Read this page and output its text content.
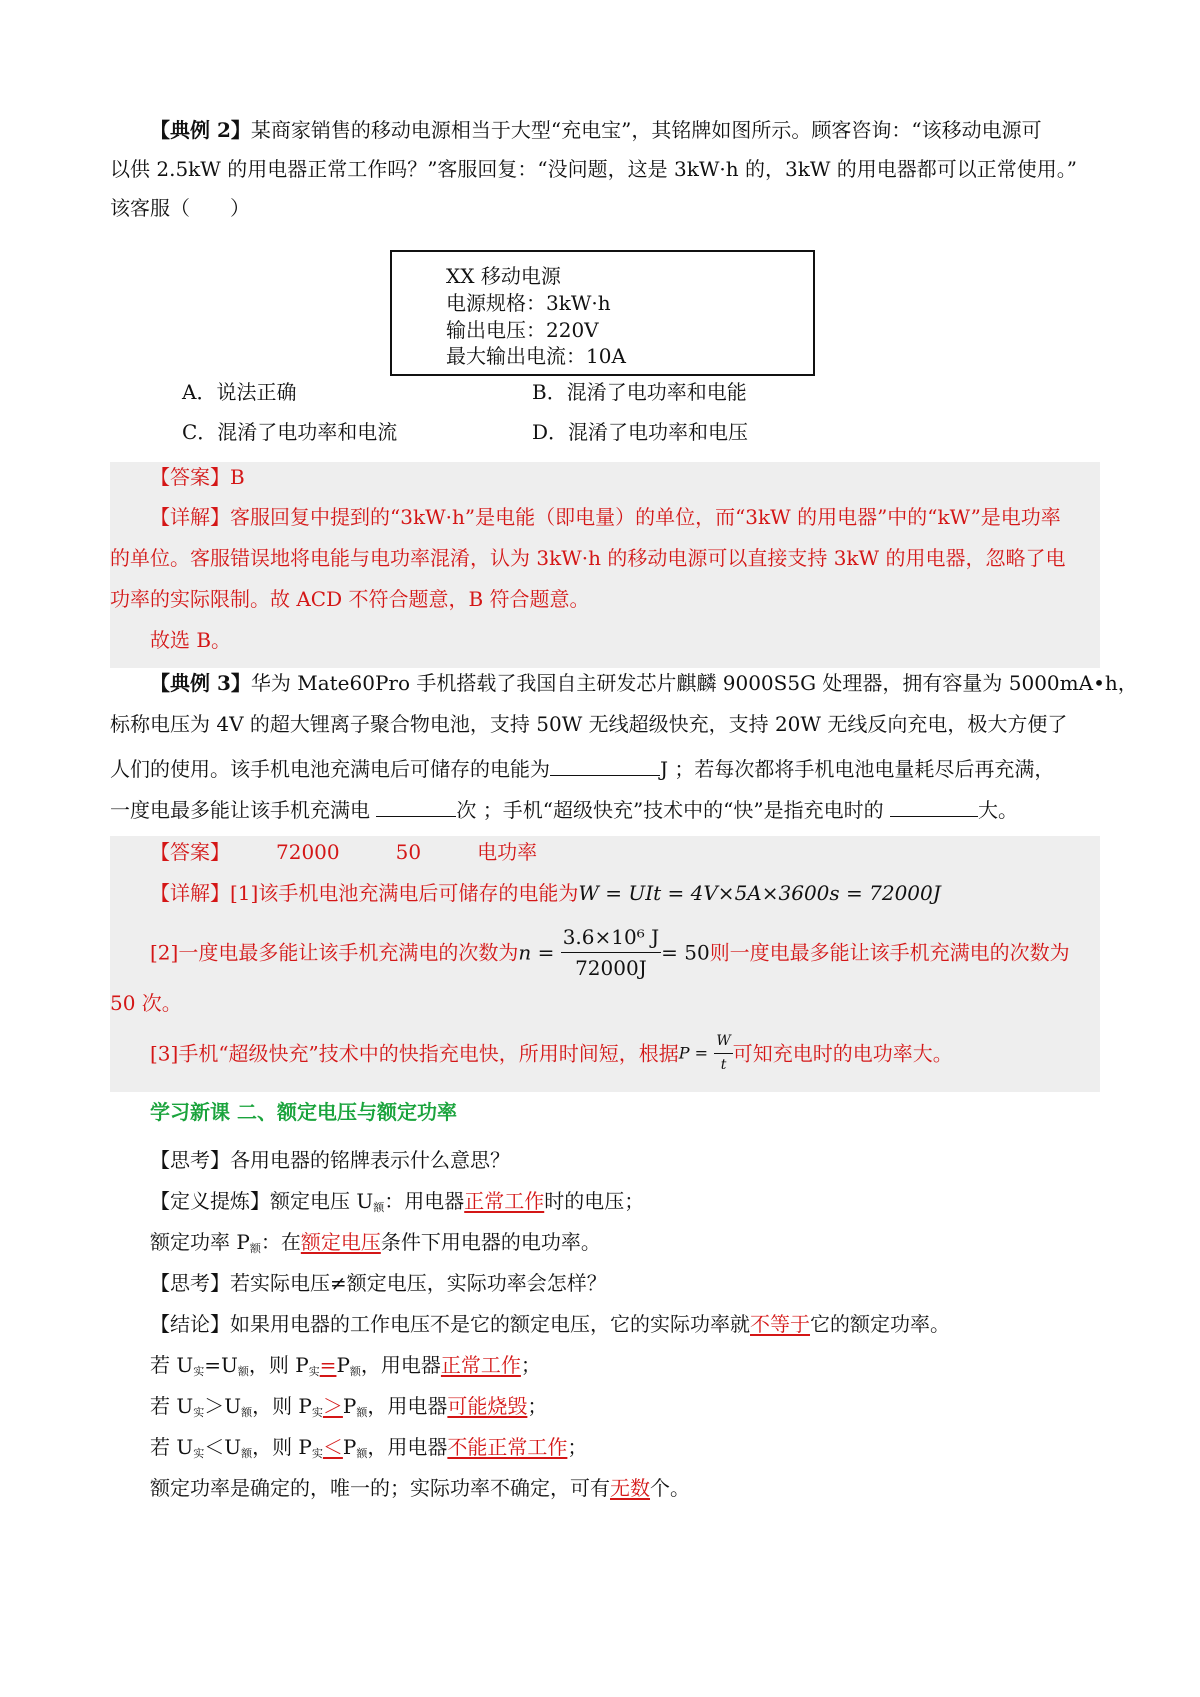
【典例 2】某商家销售的移动电源相当于大型“充电宝”，其铭牌如图所示。顾客咨询：“该移动电源可
以供 2.5kW 的用电器正常工作吗？”客服回复：“没问题，这是 3kW·h 的，3kW 的用电器都可以正常使用。”
该客服（　　）
XX 移动电源
电源规格：3kW·h
输出电压：220V
最大输出电流：10A
A．说法正确	B．混淆了电功率和电能
C．混淆了电功率和电流	D．混淆了电功率和电压
【答案】B
【详解】客服回复中提到的“3kW·h”是电能（即电量）的单位，而“3kW 的用电器”中的“kW”是电功率
的单位。客服错误地将电能与电功率混淆，认为 3kW·h 的移动电源可以直接支持 3kW 的用电器，忽略了电
功率的实际限制。故 ACD 不符合题意，B 符合题意。
故选 B。
【典例 3】华为 Mate60Pro 手机搭载了我国自主研发芯片麒麟 9000S5G 处理器，拥有容量为 5000mA•h，
标称电压为 4V 的超大锂离子聚合物电池，支持 50W 无线超级快充，支持 20W 无线反向充电，极大方便了
人们的使用。该手机电池充满电后可储存的电能为	J ；若每次都将手机电池电量耗尽后再充满，
一度电最多能让该手机充满电	次 ；手机“超级快充”技术中的“快”是指充电时的	大。
【答案】 72000	50	电功率
【详解】[1]该手机电池充满电后可储存的电能为W = UIt = 4V×5A×3600s = 72000J
[2]一度电最多能让该手机充满电的次数为$n = \frac{\text{3.6×10⁶ J}}{72000J} = 50$则一度电最多能让该手机充满电的次数为
50 次。
[3]手机“超级快充”技术中的快指充电快，所用时间短，根据$P = \frac{W}{t}$ 可知充电时的电功率大。
学习新课 二、额定电压与额定功率
【思考】各用电器的铭牌表示什么意思？
【定义提炼】额定电压 $U_额$：用电器正常工作时的电压；
额定功率 $P_额$：在额定电压条件下用电器的电功率。
【思考】若实际电压≠额定电压，实际功率会怎样？
【结论】如果用电器的工作电压不是它的额定电压，它的实际功率就不等于它的额定功率。
若 $U_实=U_额$，则 $P_实=P_额$，用电器正常工作；
若 $U_实>U_额$，则 $P_实>P_额$，用电器可能烧毁；
若 $U_实<U_额$，则 $P_实<P_额$，用电器不能正常工作；
额定功率是确定的，唯一的；实际功率不确定，可有无数个。
